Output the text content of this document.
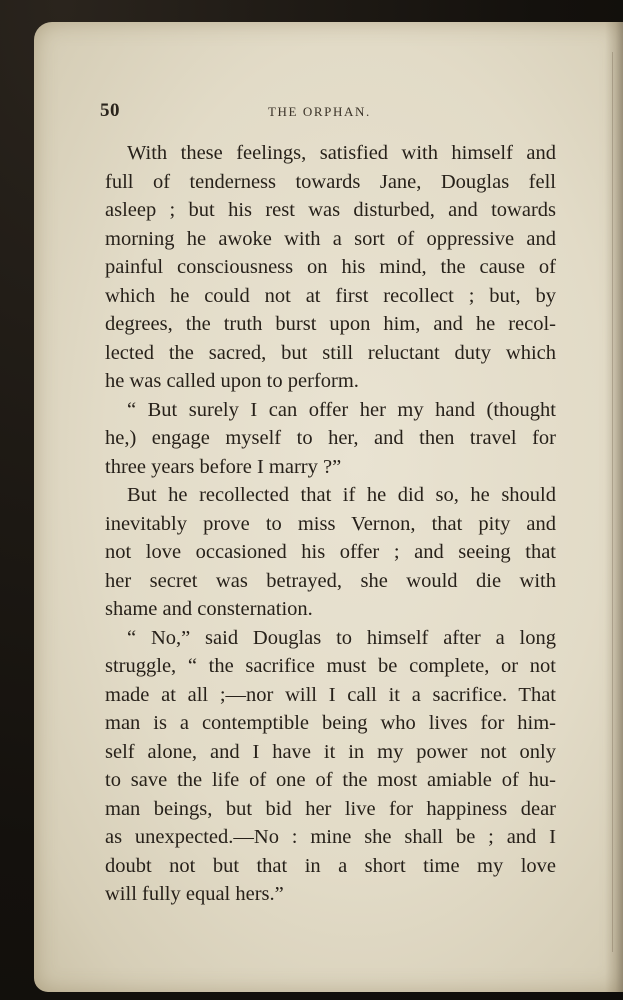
50	THE ORPHAN.
With these feelings, satisfied with himself and
full of tenderness towards Jane, Douglas fell
asleep ; but his rest was disturbed, and towards
morning he awoke with a sort of oppressive and
painful consciousness on his mind, the cause of
which he could not at first recollect ; but, by
degrees, the truth burst upon him, and he recol-
lected the sacred, but still reluctant duty which
he was called upon to perform.
“ But surely I can offer her my hand (thought
he,) engage myself to her, and then travel for
three years before I marry ?”
But he recollected that if he did so, he should
inevitably prove to miss Vernon, that pity and
not love occasioned his offer ; and seeing that
her secret was betrayed, she would die with
shame and consternation.
“ No,” said Douglas to himself after a long
struggle, “ the sacrifice must be complete, or not
made at all ;—nor will I call it a sacrifice. That
man is a contemptible being who lives for him-
self alone, and I have it in my power not only
to save the life of one of the most amiable of hu-
man beings, but bid her live for happiness dear
as unexpected.—No : mine she shall be ; and I
doubt not but that in a short time my love
will fully equal hers.”
